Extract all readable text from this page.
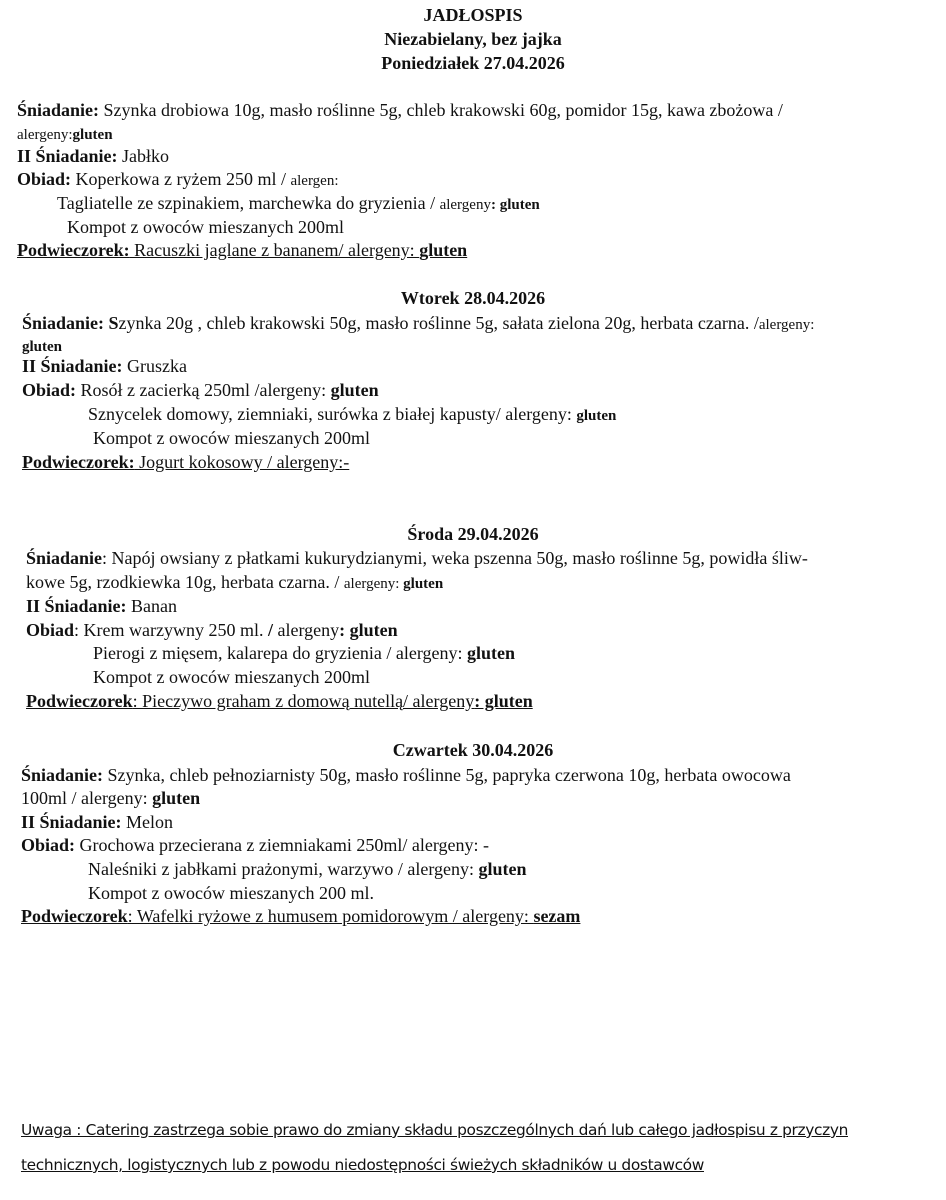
JADŁOSPIS
Niezabielany, bez jajka
Poniedziałek 27.04.2026
Śniadanie: Szynka drobiowa 10g, masło roślinne 5g, chleb krakowski 60g, pomidor 15g, kawa zbożowa /
alergeny:gluten
II Śniadanie: Jabłko
Obiad: Koperkowa z ryżem 250 ml / alergen:
Tagliatelle ze szpinakiem, marchewka do gryzienia / alergeny: gluten
Kompot z owoców mieszanych 200ml
Podwieczorek: Racuszki jaglane z bananem/ alergeny: gluten
Wtorek 28.04.2026
Śniadanie: Szynka 20g , chleb krakowski 50g, masło roślinne 5g, sałata zielona 20g, herbata czarna. /alergeny:
gluten
II Śniadanie: Gruszka
Obiad: Rosół z zacierką 250ml /alergeny: gluten
Sznycelek domowy, ziemniaki, surówka z białej kapusty/ alergeny: gluten
Kompot z owoców mieszanych 200ml
Podwieczorek: Jogurt kokosowy / alergeny:-
Środa 29.04.2026
Śniadanie: Napój owsiany z płatkami kukurydzianymi, weka pszenna 50g, masło roślinne 5g, powidła śliw-
kowe 5g, rzodkiewka 10g, herbata czarna. / alergeny: gluten
II Śniadanie: Banan
Obiad: Krem warzywny 250 ml. / alergeny: gluten
Pierogi z mięsem, kalarepa do gryzienia / alergeny: gluten
Kompot z owoców mieszanych 200ml
Podwieczorek: Pieczywo graham z domową nutellą/ alergeny: gluten
Czwartek 30.04.2026
Śniadanie: Szynka, chleb pełnoziarnisty 50g, masło roślinne 5g, papryka czerwona 10g, herbata owocowa
100ml / alergeny: gluten
II Śniadanie: Melon
Obiad: Grochowa przecierana z ziemniakami 250ml/ alergeny: -
Naleśniki z jabłkami prażonymi, warzywo / alergeny: gluten
Kompot z owoców mieszanych 200 ml.
Podwieczorek: Wafelki ryżowe z humusem pomidorowym / alergeny: sezam
Uwaga : Catering zastrzega sobie prawo do zmiany składu poszczególnych dań lub całego jadłospisu z przyczyn
technicznych, logistycznych lub z powodu niedostępności świeżych składników u dostawców
